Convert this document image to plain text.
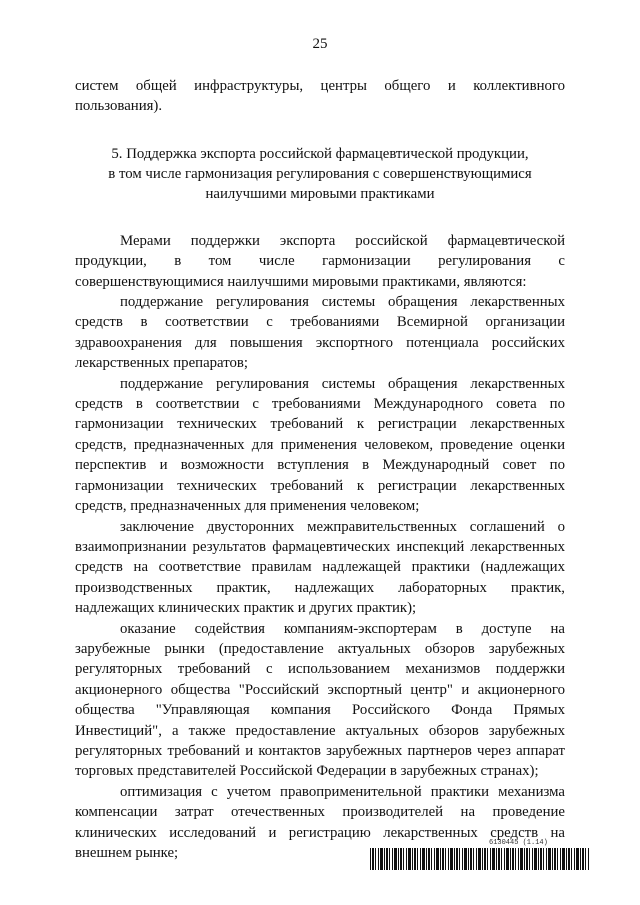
25

систем общей инфраструктуры, центры общего и коллективного пользования).

5. Поддержка экспорта российской фармацевтической продукции,
в том числе гармонизация регулирования с совершенствующимися
наилучшими мировыми практиками

Мерами поддержки экспорта российской фармацевтической продукции, в том числе гармонизации регулирования с совершенствующимися наилучшими мировыми практиками, являются:

поддержание регулирования системы обращения лекарственных средств в соответствии с требованиями Всемирной организации здравоохранения для повышения экспортного потенциала российских лекарственных препаратов;

поддержание регулирования системы обращения лекарственных средств в соответствии с требованиями Международного совета по гармонизации технических требований к регистрации лекарственных средств, предназначенных для применения человеком, проведение оценки перспектив и возможности вступления в Международный совет по гармонизации технических требований к регистрации лекарственных средств, предназначенных для применения человеком;

заключение двусторонних межправительственных соглашений о взаимопризнании результатов фармацевтических инспекций лекарственных средств на соответствие правилам надлежащей практики (надлежащих производственных практик, надлежащих лабораторных практик, надлежащих клинических практик и других практик);

оказание содействия компаниям-экспортерам в доступе на зарубежные рынки (предоставление актуальных обзоров зарубежных регуляторных требований с использованием механизмов поддержки акционерного общества "Российский экспортный центр" и акционерного общества "Управляющая компания Российского Фонда Прямых Инвестиций", а также предоставление актуальных обзоров зарубежных регуляторных требований и контактов зарубежных партнеров через аппарат торговых представителей Российской Федерации в зарубежных странах);

оптимизация с учетом правоприменительной практики механизма компенсации затрат отечественных производителей на проведение клинических исследований и регистрацию лекарственных средств на внешнем рынке;

6130445 (1.14)
